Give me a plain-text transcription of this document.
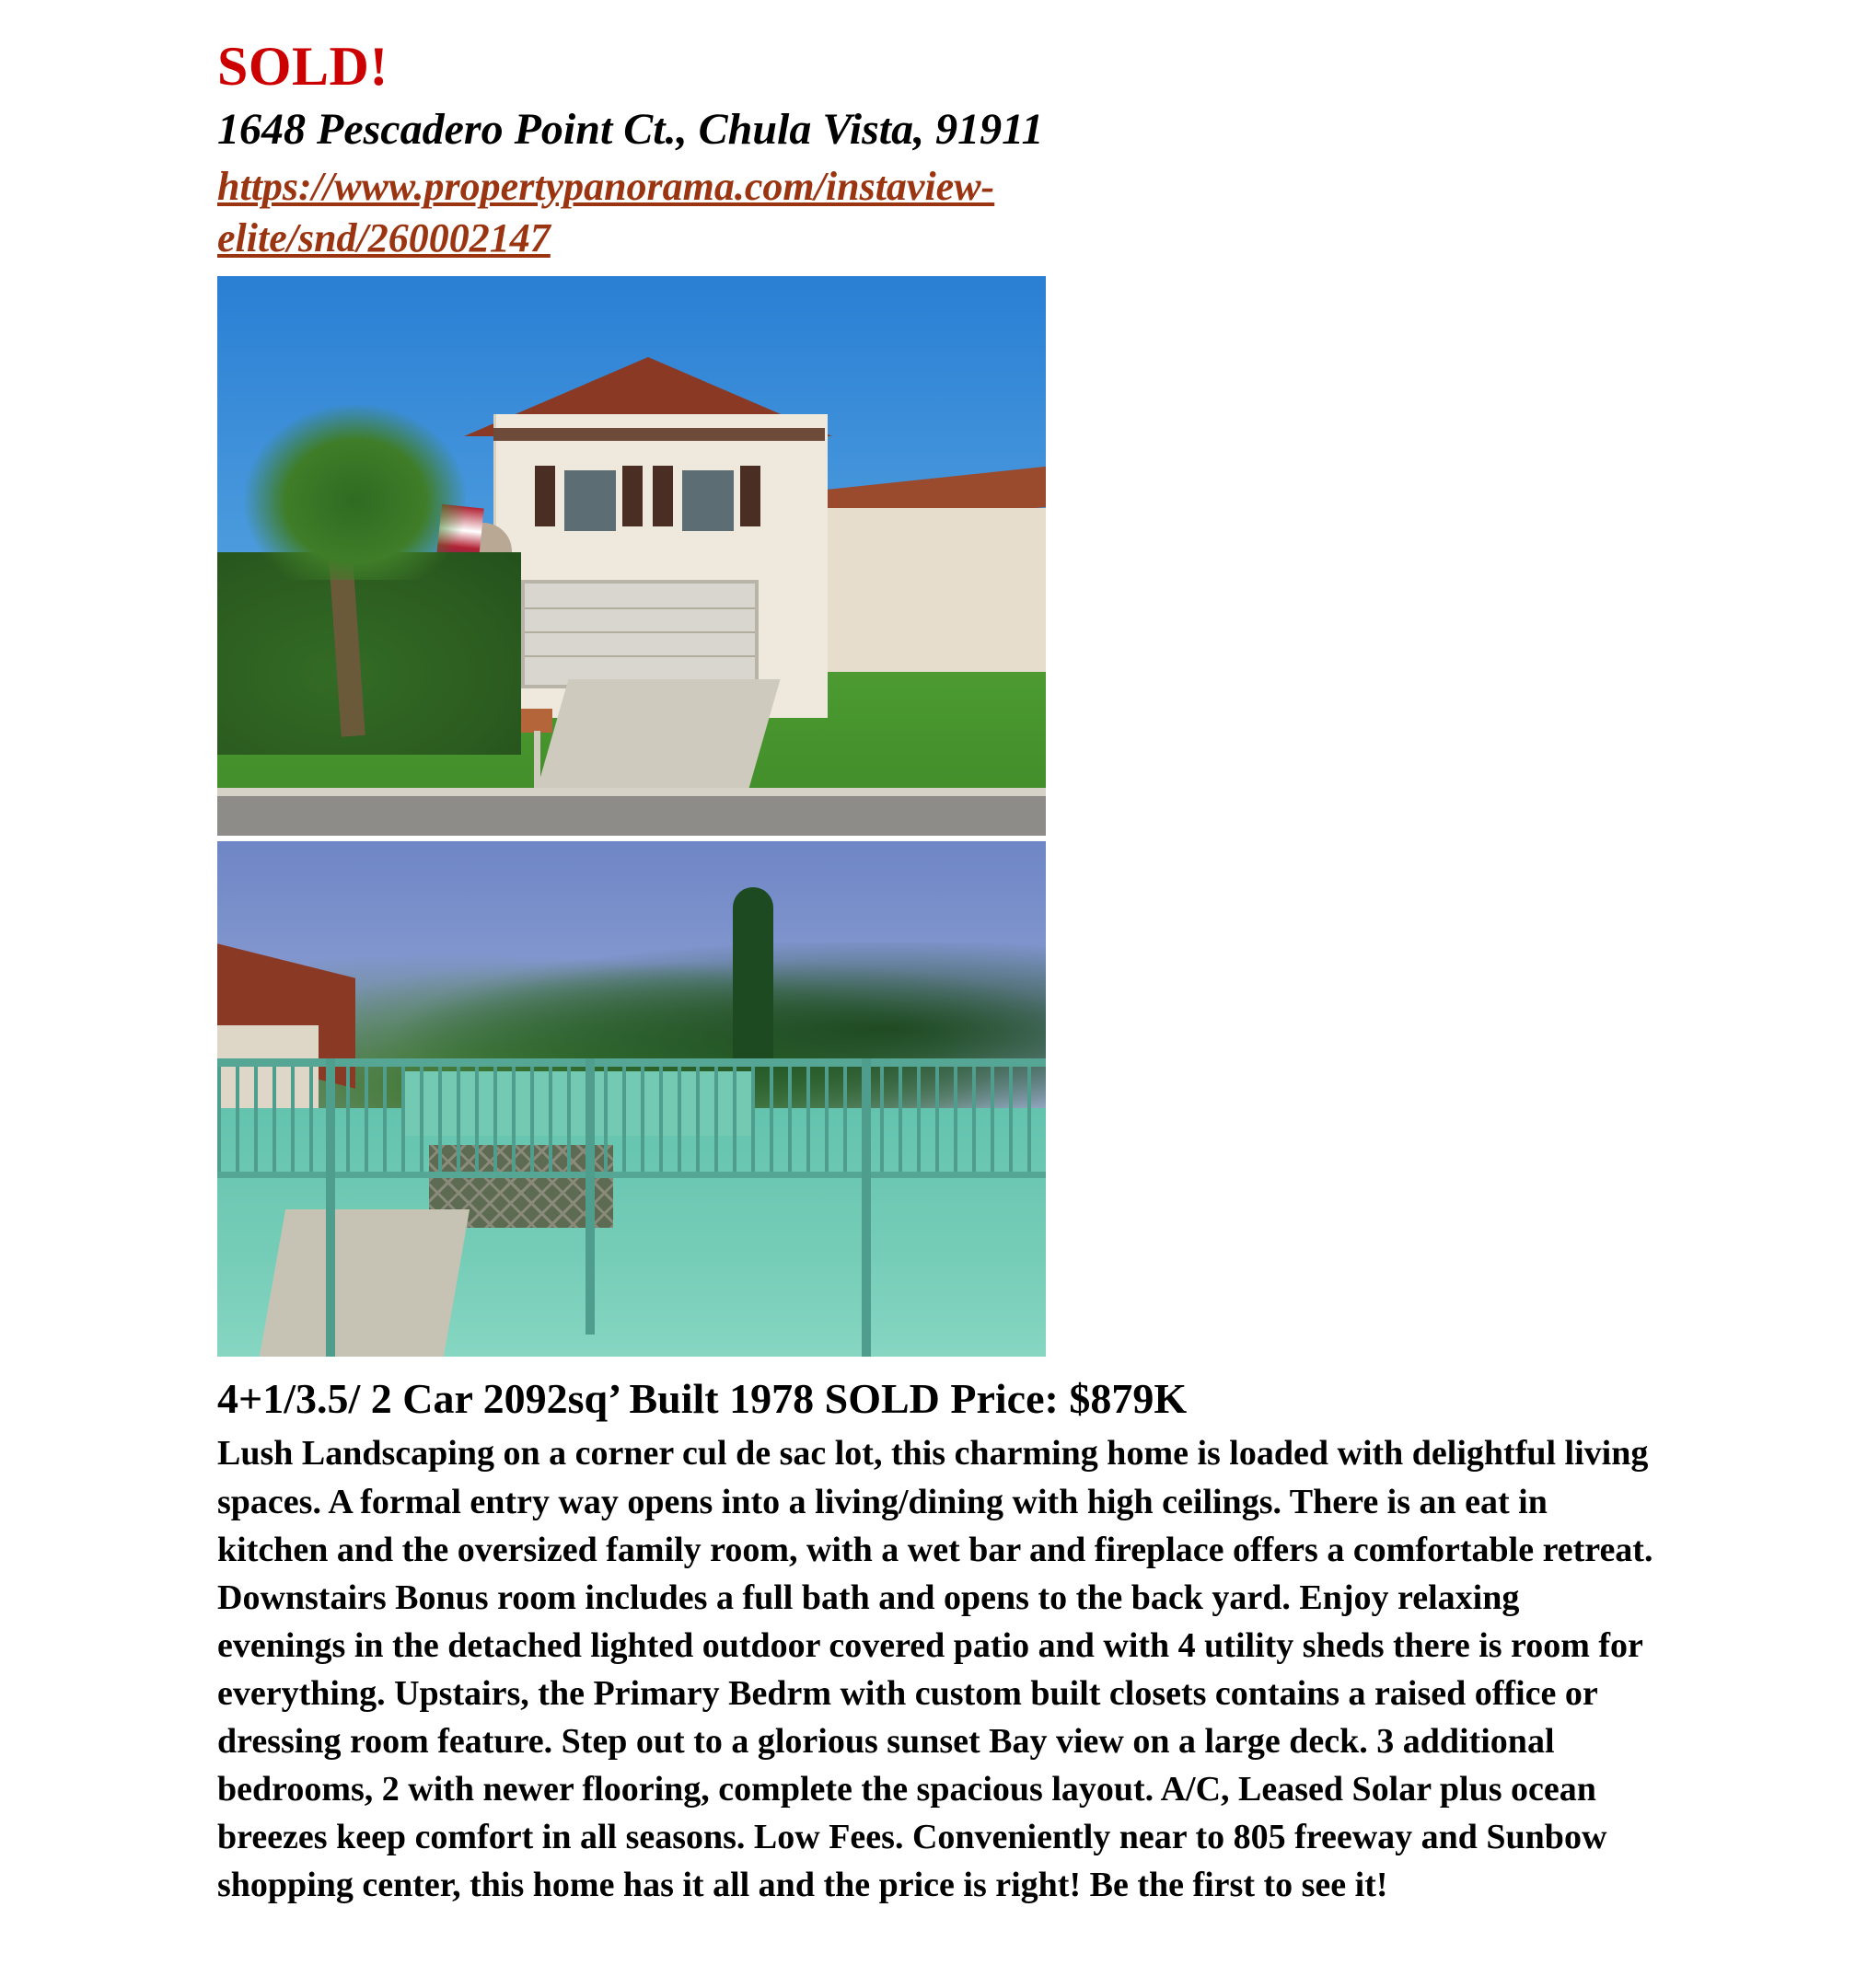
SOLD!
1648 Pescadero Point Ct., Chula Vista, 91911
https://www.propertypanorama.com/instaview-elite/snd/260002147
4+1/3.5/ 2 Car 2092sq’ Built 1978 SOLD Price: $879K

Lush Landscaping on a corner cul de sac lot, this charming home is loaded with delightful living spaces. A formal entry way opens into a living/dining with high ceilings. There is an eat in kitchen and the oversized family room, with a wet bar and fireplace offers a comfortable retreat. Downstairs Bonus room includes a full bath and opens to the back yard. Enjoy relaxing evenings in the detached lighted outdoor covered patio and with 4 utility sheds there is room for everything. Upstairs, the Primary Bedrm with custom built closets contains a raised office or dressing room feature. Step out to a glorious sunset Bay view on a large deck. 3 additional bedrooms, 2 with newer flooring, complete the spacious layout. A/C, Leased Solar plus ocean breezes keep comfort in all seasons. Low Fees. Conveniently near to 805 freeway and Sunbow shopping center, this home has it all and the price is right! Be the first to see it!
